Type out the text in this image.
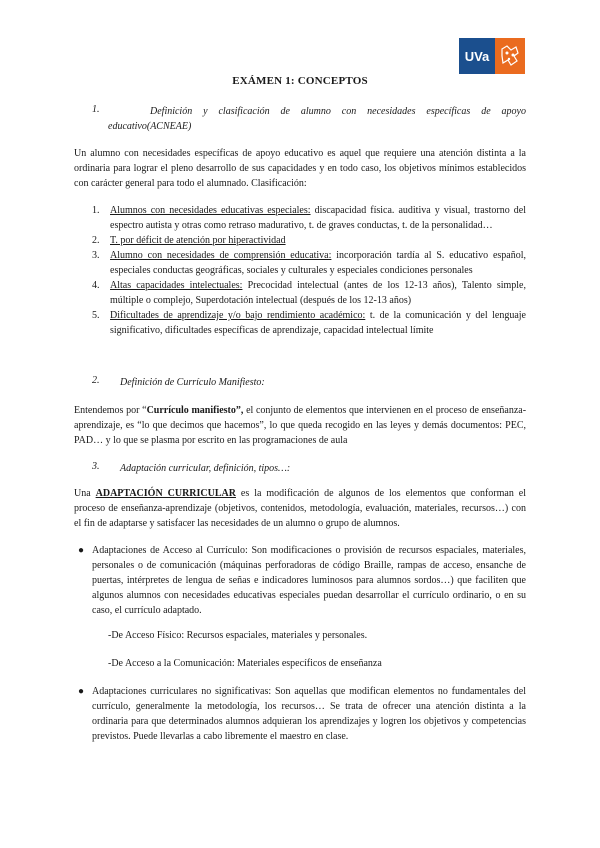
UVa
EXÁMEN 1: CONCEPTOS
1.	Definición y clasificación de alumno con necesidades específicas de apoyo educativo(ACNEAE)

Un alumno con necesidades específicas de apoyo educativo es aquel que requiere una atención distinta a la ordinaria para lograr el pleno desarrollo de sus capacidades y en todo caso, los objetivos mínimos establecidos con carácter general para todo el alumnado. Clasificación:

1. Alumnos con necesidades educativas especiales: discapacidad física. auditiva y visual, trastorno del espectro autista y otras como retraso madurativo, t. de graves conductas, t. de la personalidad…
2. T. por déficit de atención por hiperactividad
3. Alumno con necesidades de comprensión educativa: incorporación tardía al S. educativo español, especiales conductas geográficas, sociales y culturales y especiales condiciones personales
4. Altas capacidades intelectuales: Precocidad intelectual (antes de los 12-13 años), Talento simple, múltiple o complejo, Superdotación intelectual (después de los 12-13 años)
5. Dificultades de aprendizaje y/o bajo rendimiento académico: t. de la comunicación y del lenguaje significativo, dificultades específicas de aprendizaje, capacidad intelectual límite
2. Definición de Currículo Manifiesto:

Entendemos por “Currículo manifiesto”, el conjunto de elementos que intervienen en el proceso de enseñanza-aprendizaje, es “lo que decimos que hacemos”, lo que queda recogido en las leyes y demás documentos: PEC, PAD… y lo que se plasma por escrito en las programaciones de aula

3. Adaptación curricular, definición, tipos…:

Una ADAPTACIÓN CURRICULAR es la modificación de algunos de los elementos que conforman el proceso de enseñanza-aprendizaje (objetivos, contenidos, metodología, evaluación, materiales, recursos…) con el fin de adaptarse y satisfacer las necesidades de un alumno o grupo de alumnos.

● Adaptaciones de Acceso al Currículo: Son modificaciones o provisión de recursos espaciales, materiales, personales o de comunicación (máquinas perforadoras de código Braille, rampas de acceso, ensanche de puertas, intérpretes de lengua de señas e indicadores luminosos para alumnos sordos…) que faciliten que algunos alumnos con necesidades educativas especiales puedan desarrollar el currículo ordinario, o en su caso, el currículo adaptado.
-De Acceso Físico: Recursos espaciales, materiales y personales.
-De Acceso a la Comunicación: Materiales específicos de enseñanza
● Adaptaciones curriculares no significativas: Son aquellas que modifican elementos no fundamentales del currículo, generalmente la metodología, los recursos… Se trata de ofrecer una atención distinta a la ordinaria para que determinados alumnos adquieran los aprendizajes y logren los objetivos y competencias previstos. Puede llevarlas a cabo libremente el maestro en clase.
